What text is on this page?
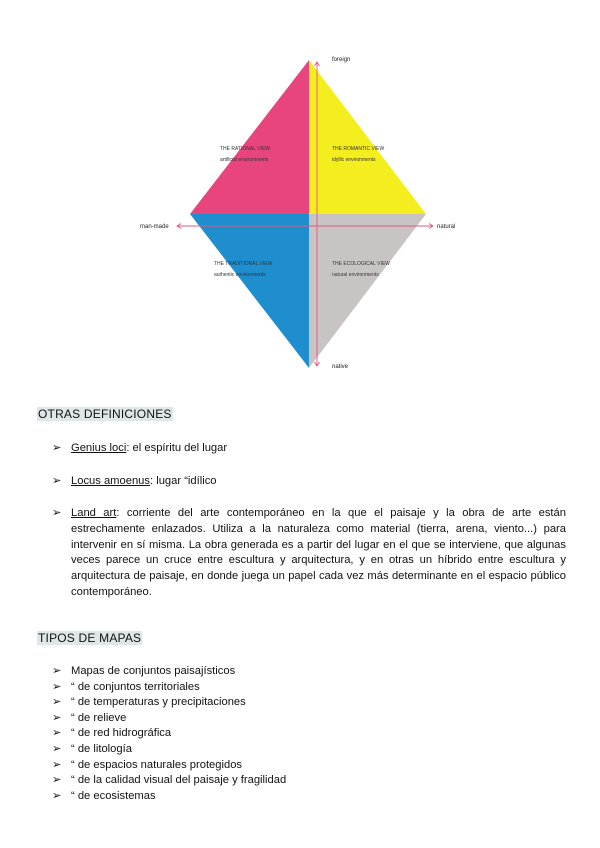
foreign
native
man-made	natural
THE RATIONAL VIEW
artificial environments
THE ROMANTIC VIEW
idyllic environments
THE TRADITIONAL VIEW
authentic environments
THE ECOLOGICAL VIEW
natural environments
OTRAS DEFINICIONES
➢ Genius loci: el espíritu del lugar
➢ Locus amoenus: lugar “idílico
➢ Land art: corriente del arte contemporáneo en la que el paisaje y la obra de arte están estrechamente enlazados. Utiliza a la naturaleza como material (tierra, arena, viento...) para intervenir en sí misma. La obra generada es a partir del lugar en el que se interviene, que algunas veces parece un cruce entre escultura y arquitectura, y en otras un híbrido entre escultura y arquitectura de paisaje, en donde juega un papel cada vez más determinante en el espacio público contemporáneo.
TIPOS DE MAPAS
➢ Mapas de conjuntos paisajísticos
➢ “ de conjuntos territoriales
➢ “ de temperaturas y precipitaciones
➢ “ de relieve
➢ “ de red hidrográfica
➢ “ de litología
➢ “ de espacios naturales protegidos
➢ “ de la calidad visual del paisaje y fragilidad
➢ “ de ecosistemas
